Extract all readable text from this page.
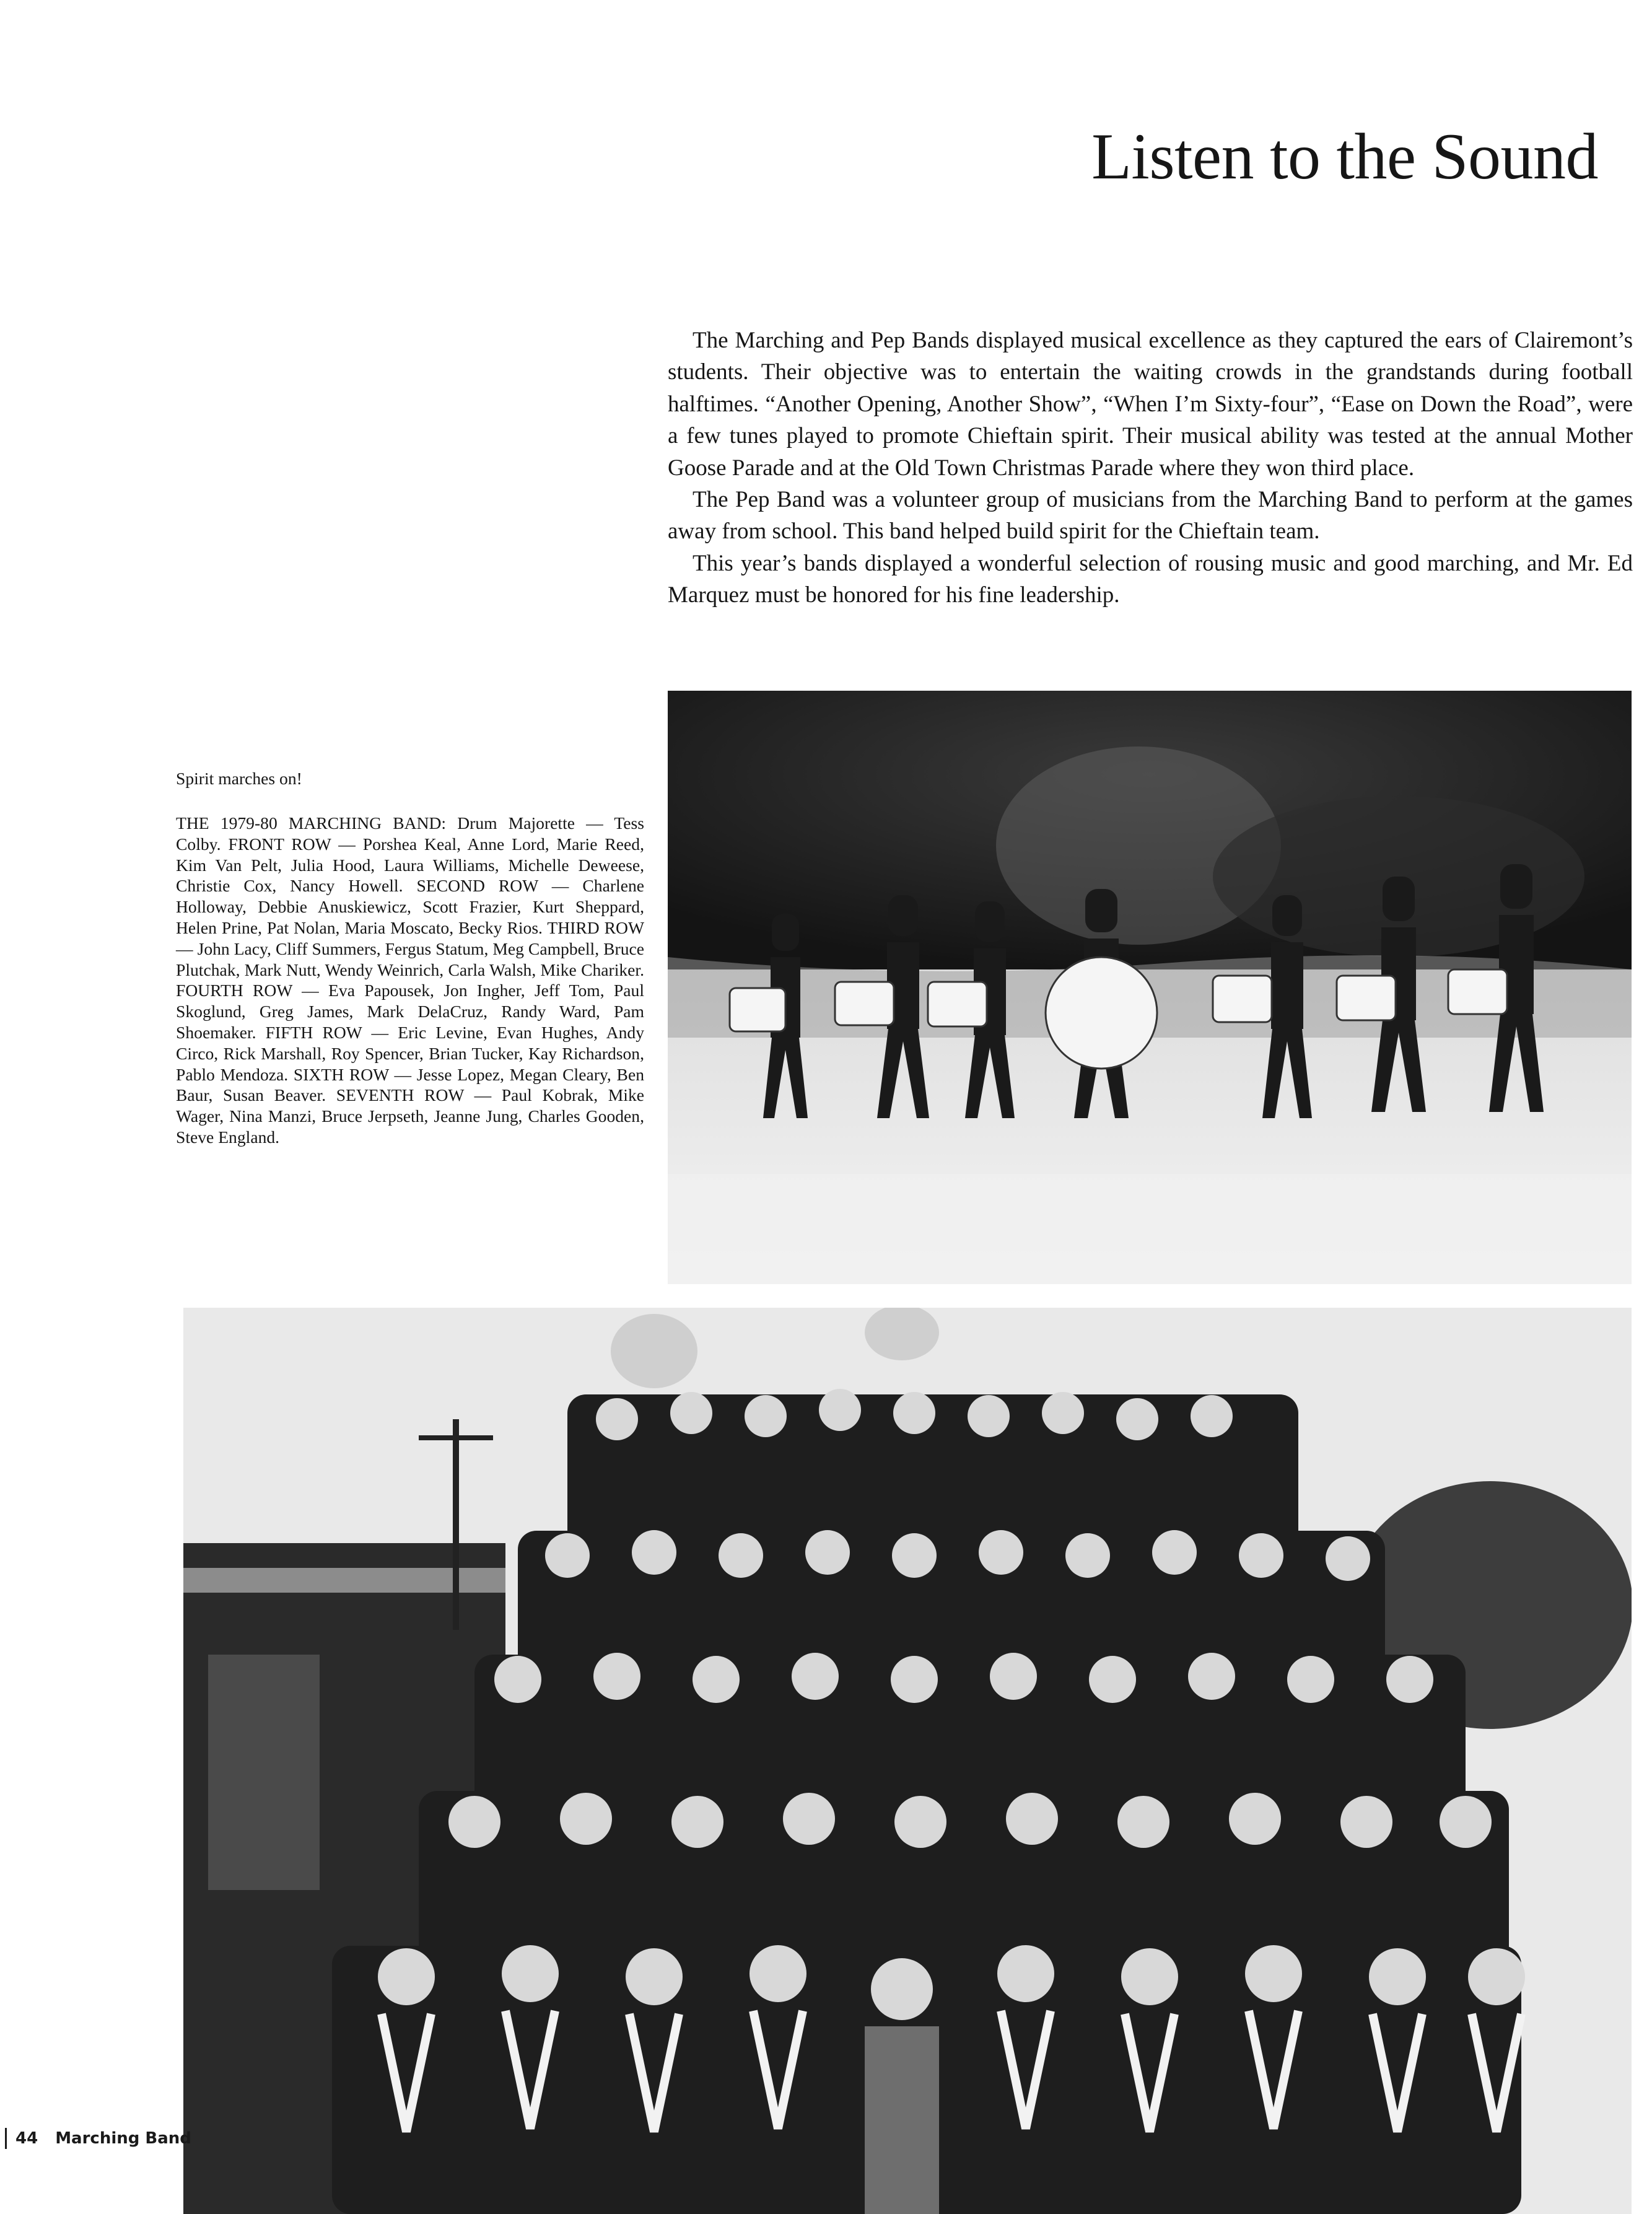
Listen to the Sound

The Marching and Pep Bands displayed musical excellence as they captured the ears of Clairemont’s students. Their objective was to entertain the waiting crowds in the grandstands during football halftimes. “Another Opening, Another Show”, “When I’m Sixty-four”, “Ease on Down the Road”, were a few tunes played to promote Chieftain spirit. Their musical ability was tested at the annual Mother Goose Parade and at the Old Town Christmas Parade where they won third place.

The Pep Band was a volunteer group of musicians from the Marching Band to perform at the games away from school. This band helped build spirit for the Chieftain team.

This year’s bands displayed a wonderful selection of rousing music and good marching, and Mr. Ed Marquez must be honored for his fine leadership.

Spirit marches on!
THE 1979-80 MARCHING BAND: Drum Majorette — Tess Colby. FRONT ROW — Porshea Keal, Anne Lord, Marie Reed, Kim Van Pelt, Julia Hood, Laura Williams, Michelle Deweese, Christie Cox, Nancy Howell. SECOND ROW — Charlene Holloway, Debbie Anuskiewicz, Scott Frazier, Kurt Sheppard, Helen Prine, Pat Nolan, Maria Moscato, Becky Rios. THIRD ROW — John Lacy, Cliff Summers, Fergus Statum, Meg Campbell, Bruce Plutchak, Mark Nutt, Wendy Weinrich, Carla Walsh, Mike Chariker. FOURTH ROW — Eva Papousek, Jon Ingher, Jeff Tom, Paul Skoglund, Greg James, Mark DelaCruz, Randy Ward, Pam Shoemaker. FIFTH ROW — Eric Levine, Evan Hughes, Andy Circo, Rick Marshall, Roy Spencer, Brian Tucker, Kay Richardson, Pablo Mendoza. SIXTH ROW — Jesse Lopez, Megan Cleary, Ben Baur, Susan Beaver. SEVENTH ROW — Paul Kobrak, Mike Wager, Nina Manzi, Bruce Jerpseth, Jeanne Jung, Charles Gooden, Steve England.
44 Marching Band
